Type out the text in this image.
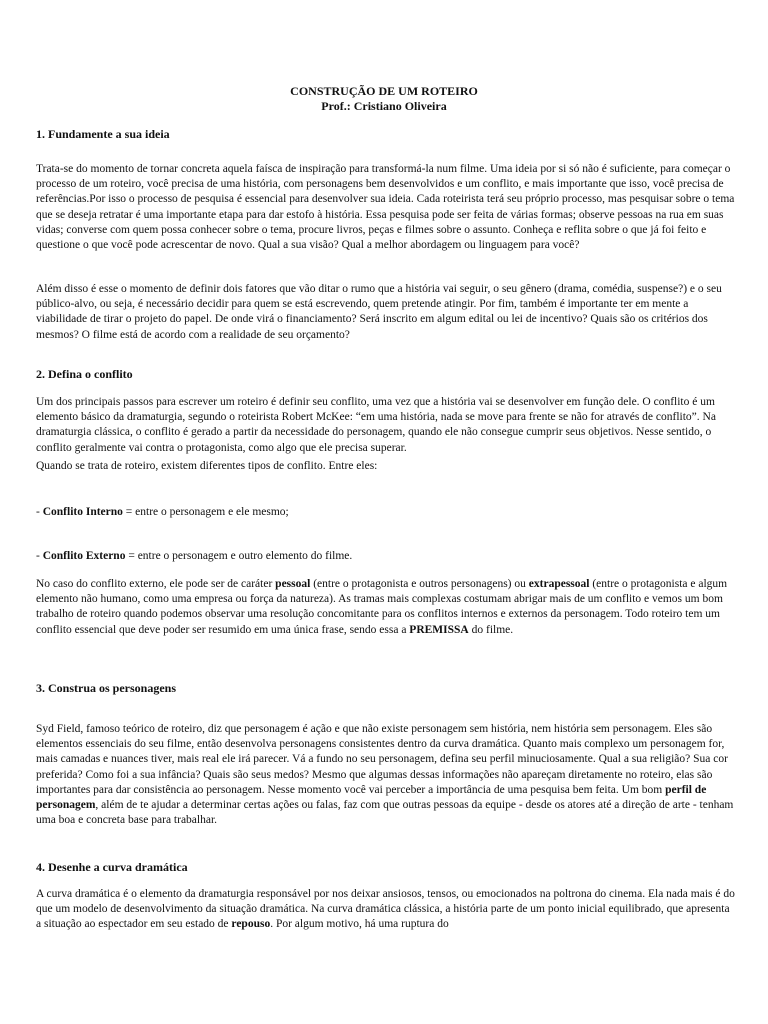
CONSTRUÇÃO DE UM ROTEIRO
Prof.: Cristiano Oliveira
1. Fundamente a sua ideia
Trata-se do momento de tornar concreta aquela faísca de inspiração para transformá-la num filme. Uma ideia por si só não é suficiente, para começar o processo de um roteiro, você precisa de uma história, com personagens bem desenvolvidos e um conflito, e mais importante que isso, você precisa de referências.Por isso o processo de pesquisa é essencial para desenvolver sua ideia. Cada roteirista terá seu próprio processo, mas pesquisar sobre o tema que se deseja retratar é uma importante etapa para dar estofo à história. Essa pesquisa pode ser feita de várias formas; observe pessoas na rua em suas vidas; converse com quem possa conhecer sobre o tema, procure livros, peças e filmes sobre o assunto. Conheça e reflita sobre o que já foi feito e questione o que você pode acrescentar de novo. Qual a sua visão? Qual a melhor abordagem ou linguagem para você?
Além disso é esse o momento de definir dois fatores que vão ditar o rumo que a história vai seguir, o seu gênero (drama, comédia, suspense?) e o seu público-alvo, ou seja, é necessário decidir para quem se está escrevendo, quem pretende atingir. Por fim, também é importante ter em mente a viabilidade de tirar o projeto do papel. De onde virá o financiamento? Será inscrito em algum edital ou lei de incentivo? Quais são os critérios dos mesmos? O filme está de acordo com a realidade de seu orçamento?
2. Defina o conflito
Um dos principais passos para escrever um roteiro é definir seu conflito, uma vez que a história vai se desenvolver em função dele. O conflito é um elemento básico da dramaturgia, segundo o roteirista Robert McKee: “em uma história, nada se move para frente se não for através de conflito”. Na dramaturgia clássica, o conflito é gerado a partir da necessidade do personagem, quando ele não consegue cumprir seus objetivos. Nesse sentido, o conflito geralmente vai contra o protagonista, como algo que ele precisa superar.
Quando se trata de roteiro, existem diferentes tipos de conflito. Entre eles:
- Conflito Interno = entre o personagem e ele mesmo;
- Conflito Externo = entre o personagem e outro elemento do filme.
No caso do conflito externo, ele pode ser de caráter pessoal (entre o protagonista e outros personagens) ou extrapessoal (entre o protagonista e algum elemento não humano, como uma empresa ou força da natureza). As tramas mais complexas costumam abrigar mais de um conflito e vemos um bom trabalho de roteiro quando podemos observar uma resolução concomitante para os conflitos internos e externos da personagem. Todo roteiro tem um conflito essencial que deve poder ser resumido em uma única frase, sendo essa a PREMISSA do filme.
3. Construa os personagens
Syd Field, famoso teórico de roteiro, diz que personagem é ação e que não existe personagem sem história, nem história sem personagem. Eles são elementos essenciais do seu filme, então desenvolva personagens consistentes dentro da curva dramática. Quanto mais complexo um personagem for, mais camadas e nuances tiver, mais real ele irá parecer. Vá a fundo no seu personagem, defina seu perfil minuciosamente. Qual a sua religião? Sua cor preferida? Como foi a sua infância? Quais são seus medos? Mesmo que algumas dessas informações não apareçam diretamente no roteiro, elas são importantes para dar consistência ao personagem. Nesse momento você vai perceber a importância de uma pesquisa bem feita. Um bom perfil de personagem, além de te ajudar a determinar certas ações ou falas, faz com que outras pessoas da equipe - desde os atores até a direção de arte - tenham uma boa e concreta base para trabalhar.
4. Desenhe a curva dramática
A curva dramática é o elemento da dramaturgia responsável por nos deixar ansiosos, tensos, ou emocionados na poltrona do cinema. Ela nada mais é do que um modelo de desenvolvimento da situação dramática. Na curva dramática clássica, a história parte de um ponto inicial equilibrado, que apresenta a situação ao espectador em seu estado de repouso. Por algum motivo, há uma ruptura do
